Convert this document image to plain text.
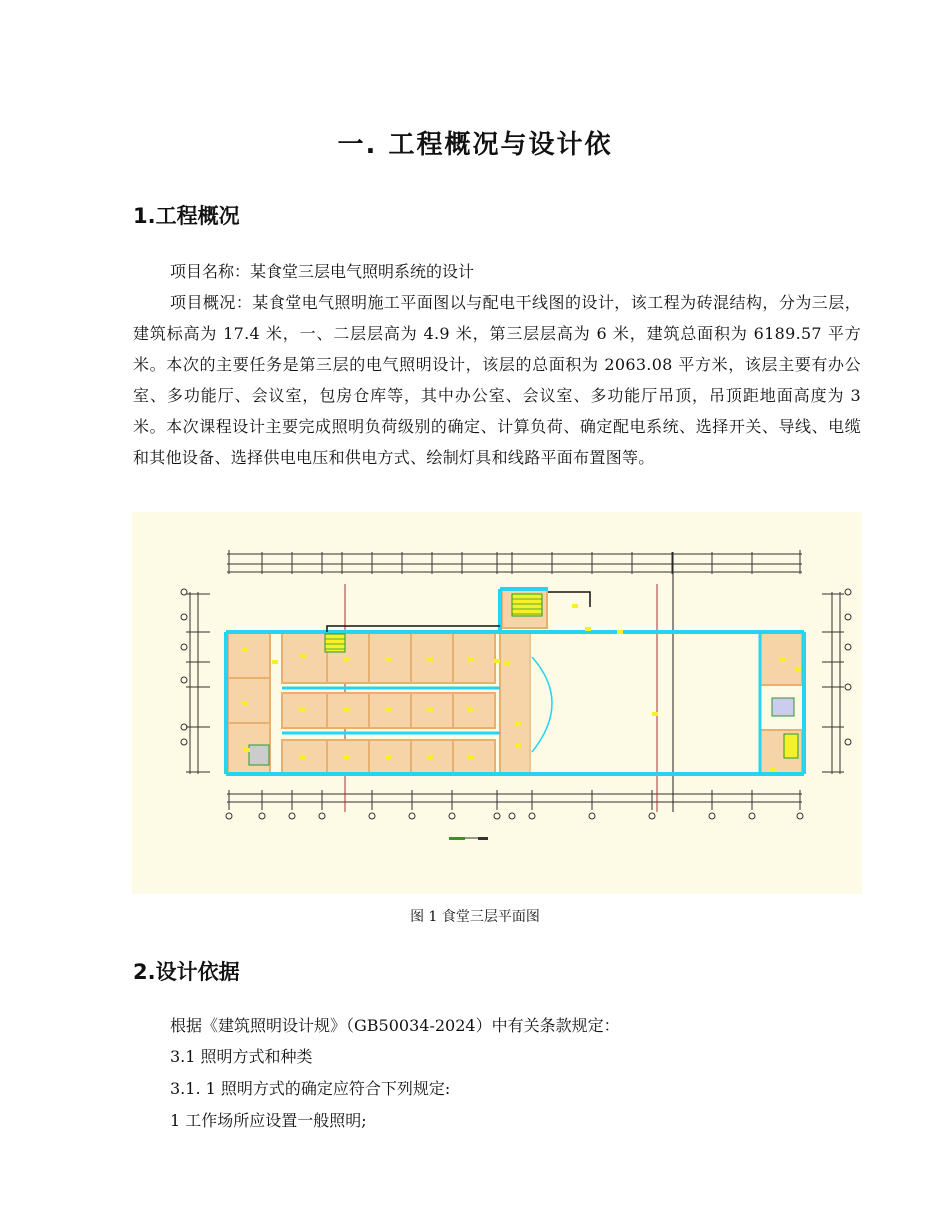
一. 工程概况与设计依
1.工程概况
项目名称：某食堂三层电气照明系统的设计
项目概况：某食堂电气照明施工平面图以与配电干线图的设计，该工程为砖混结构，分为三层，建筑标高为 17.4 米，一、二层层高为 4.9 米，第三层层高为 6 米，建筑总面积为 6189.57 平方米。本次的主要任务是第三层的电气照明设计，该层的总面积为 2063.08 平方米，该层主要有办公室、多功能厅、会议室，包房仓库等，其中办公室、会议室、多功能厅吊顶，吊顶距地面高度为 3 米。本次课程设计主要完成照明负荷级别的确定、计算负荷、确定配电系统、选择开关、导线、电缆和其他设备、选择供电电压和供电方式、绘制灯具和线路平面布置图等。
图 1 食堂三层平面图
2.设计依据
根据《建筑照明设计规》（GB50034-2024）中有关条款规定：
3.1 照明方式和种类
3.1. 1 照明方式的确定应符合下列规定:
1 工作场所应设置一般照明;
